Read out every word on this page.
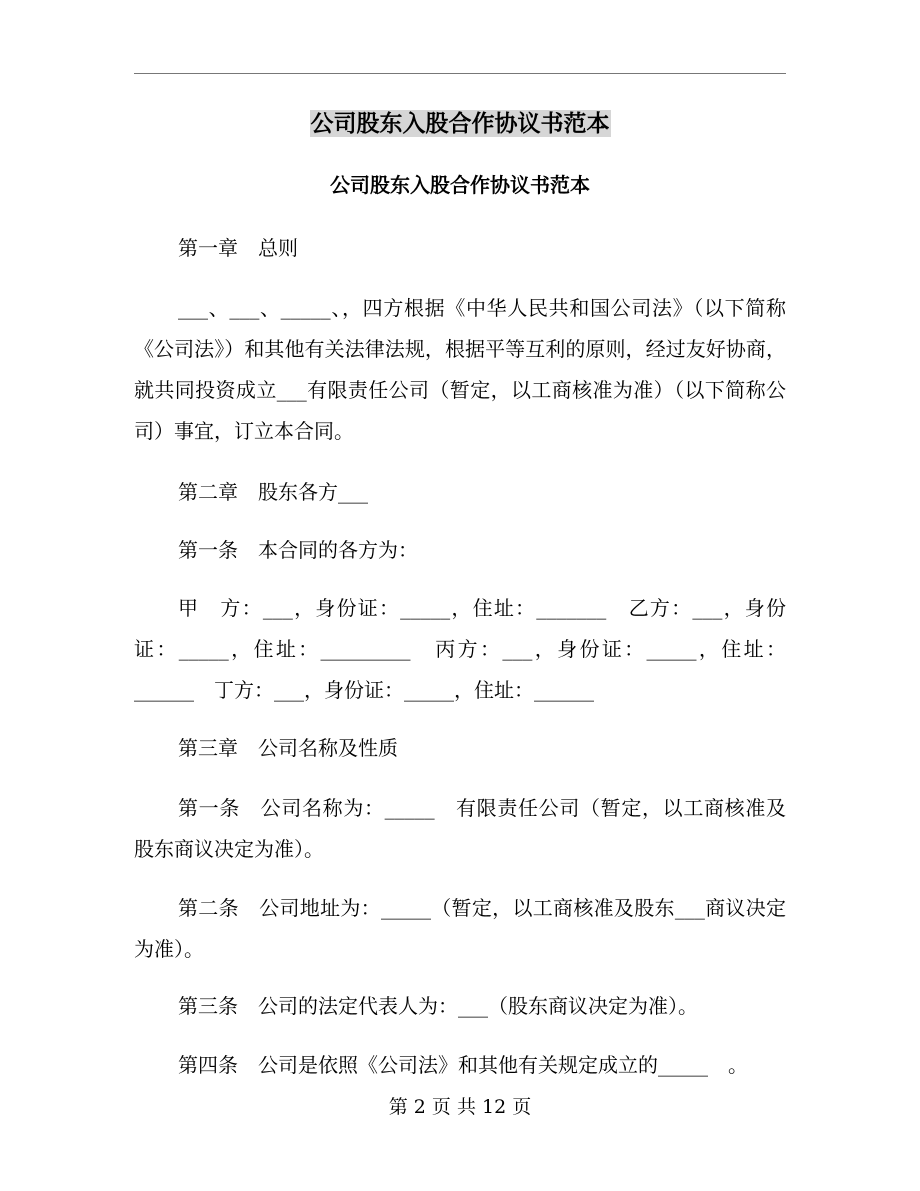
公司股东入股合作协议书范本
公司股东入股合作协议书范本

第一章　总则

___、___、_____、，四方根据《中华人民共和国公司法》（以下简称《公司法》）和其他有关法律法规，根据平等互利的原则，经过友好协商，就共同投资成立___有限责任公司（暂定，以工商核准为准）（以下简称公司）事宜，订立本合同。

第二章　股东各方___

第一条　本合同的各方为：

甲　方：___，身份证：_____，住址：_______　乙方：___，身份证：_____，住址：_________　丙方：___，身份证：_____，住址：______　丁方：___，身份证：_____，住址：______

第三章　公司名称及性质

第一条　公司名称为：_____　有限责任公司（暂定，以工商核准及股东商议决定为准）。

第二条　公司地址为：_____（暂定，以工商核准及股东___商议决定为准）。

第三条　公司的法定代表人为：___（股东商议决定为准）。

第四条　公司是依照《公司法》和其他有关规定成立的_____　。

第 2 页 共 12 页
